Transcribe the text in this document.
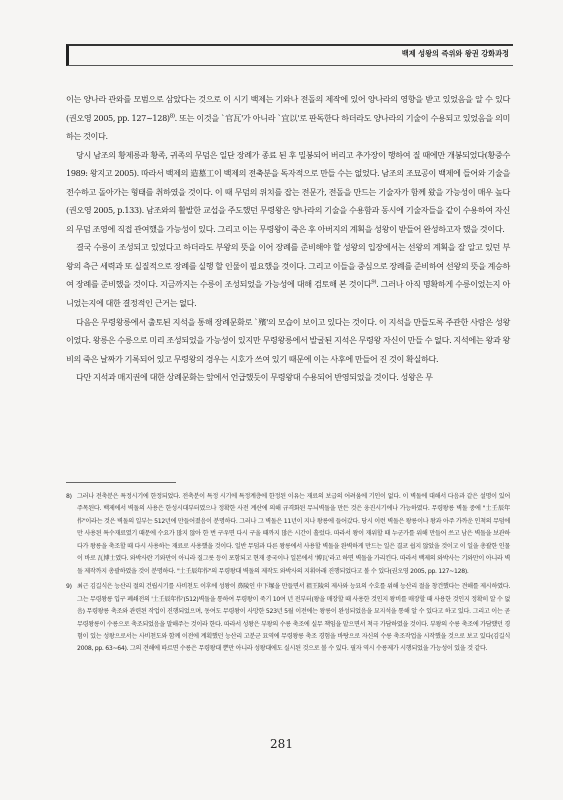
백제 성왕의 즉위와 왕권 강화과정

이는 양나라 관와를 모범으로 삼았다는 것으로 이 시기 백제는 기와나 전돌의 제작에 있어 양나라의 영향을 받고 있었음을 알 수 있다(권오영 2005, pp. 127~128)$^{8)}$. 또는 이것을 `官瓦'가 아니라 `宜以'로 판독한다 하더라도 양나라의 기술이 수용되고 있었음을 의미하는 것이다.

당시 남조의 황제릉과 황족, 귀족의 무덤은 일단 장례가 종료 된 후 밀봉되어 버리고 추가장이 행하여 질 때에만 개봉되었다(황중수 1989: 왕지고 2005). 따라서 백제의 造墓工이 백제의 전축분을 독자적으로 만들 수는 없었다. 남조의 조묘공이 백제에 들어와 기술을 전수하고 돌아가는 형태를 취하였을 것이다. 이 때 무덤의 위치를 잡는 전문가, 전돌을 만드는 기술자가 함께 왔을 가능성이 매우 높다(권오영 2005, p.133). 남조와의 활발한 교섭을 주도했던 무령왕은 양나라의 기술을 수용함과 동시에 기술자들을 같이 수용하여 자신의 무덤 조영에 직접 관여했을 가능성이 있다. 그리고 이는 무령왕이 죽은 후 아버지의 계획을 성왕이 받들어 완성하고자 했을 것이다.

결국 수릉이 조성되고 있었다고 하더라도 부왕의 뜻을 이어 장례를 준비해야 할 성왕의 입장에서는 선왕의 계획을 잘 알고 있던 부왕의 측근 세력과 또 실질적으로 장례를 실행 할 인물이 필요했을 것이다. 그리고 이들을 중심으로 장례를 준비하여 선왕의 뜻을 계승하여 장례를 준비했을 것이다. 지금까지는 수릉이 조성되었을 가능성에 대해 검토해 본 것이다$^{9)}$. 그러나 아직 명확하게 수릉이었는지 아니었는지에 대한 결정적인 근거는 없다.

다음은 무령왕릉에서 출토된 지석을 통해 장례문화로 `殯'의 모습이 보이고 있다는 것이다. 이 지석을 만들도록 주관한 사람은 성왕이었다. 왕릉은 수릉으로 미리 조성되었을 가능성이 있지만 무령왕릉에서 발굴된 지석은 무령왕 자신이 만들 수 없다. 지석에는 왕과 왕비의 죽은 날짜가 기록되어 있고 무령왕의 경우는 시호가 쓰여 있기 때문에 이는 사후에 만들어 진 것이 확실하다.

다만 지석과 매지권에 대한 상례문화는 앞에서 언급했듯이 무령왕대 수용되어 반영되었을 것이다. 성왕은 무

8) 그러나 전축분은 특정시기에 한정되었다. 전축분이 특정 시기에 특정계층에 한정된 이유는 재료의 보급의 어려움에 기인이 없다. 이 벽돌에 대해서 다음과 같은 설명이 있어 주목된다. 백제에서 벽돌의 사용은 한성시대부터였으나 정확한 사전 계산에 의해 규격화된 무늬벽돌을 만든 것은 웅진시기에나 가능하였다. 무령왕릉 벽돌 중에 "土壬辰年作"이라는 것은 벽돌의 일부는 512년에 만들어졌음이 분명하다. 그러나 그 벽돌은 11년이 지나 왕릉에 들어갔다. 당시 이런 벽돌은 왕릉이나 왕과 아주 가까운 인척의 무덤에만 사용된 특수재료였기 때문에 수요가 많지 않아 한 번 구우면 다시 구울 때까지 많은 시간이 흘렀다. 따라서 왕이 재위할 때 누군가를 위해 만들어 쓰고 남은 벽돌을 보관하다가 왕릉을 축조할 때 다시 사용하는 재료로 사용했을 것이다. 일반 무덤과 다른 왕릉에서 사용할 벽돌을 완벽하게 만드는 일은 결코 쉽지 않았을 것이고 이 일을 총괄한 인물이 바로 瓦博士였다. 와박사란 기와만이 아니라 질그릇 등이 포함되고 현재 중국이나 일본에서 '博瓦'라고 하면 벽돌을 가리킨다. 따라서 백제의 와박사는 기와만이 아니라 벽돌 제작까지 총괄하였을 것이 분명하다. "土壬辰年作"의 무령왕대 벽돌의 제작도 와박사의 지휘아래 진행되었다고 볼 수 있다(권오영 2005, pp. 127~128).

9) 최근 김길식은 능산리 절의 건립시기를 사비천도 이후에 성왕이 鼻陵인 中下塚을 만들면서 祖王陵의 제사와 능묘의 수호를 위해 능산리 절을 창건했다는 견해를 제시하였다. 그는 무령왕릉 입구 폐쇄전의 '土壬辰年作'(512)벽돌을 통하여 무령왕이 죽기 10여 년 전부터(왕을 매장할 때 사용한 것인지 왕비를 매장할 때 사용한 것인지 정확히 알 수 없음) 무령왕릉 축조와 관련된 작업이 진행되었으며, 동여도 무령왕이 사망한 523년 5월 이전에는 왕릉이 완성되었음을 묘지석을 통해 알 수 있다고 하고 있다. 그리고 이는 곧 무령왕릉이 수릉으로 축조되었음을 말해주는 것이라 한다. 따라서 성왕은 부왕의 수릉 축조에 실무 책임을 맡으면서 척극 가담하였을 것이다. 부왕의 수릉 축조에 가담했던 경험이 있는 성왕으로서는 사비천도와 함께 이전에 계획했던 능산리 고분군 묘역에 무령왕릉 축조 경험을 바탕으로 자신의 수릉 축조작업을 시작했을 것으로 보고 있다(김길식 2008, pp. 63~64). 그의 견해에 따르면 수릉은 무령왕대 뿐만 아니라 성왕대에도 실시된 것으로 볼 수 있다. 필자 역시 수릉제가 시행되었을 가능성이 있을 것 같다.

281
